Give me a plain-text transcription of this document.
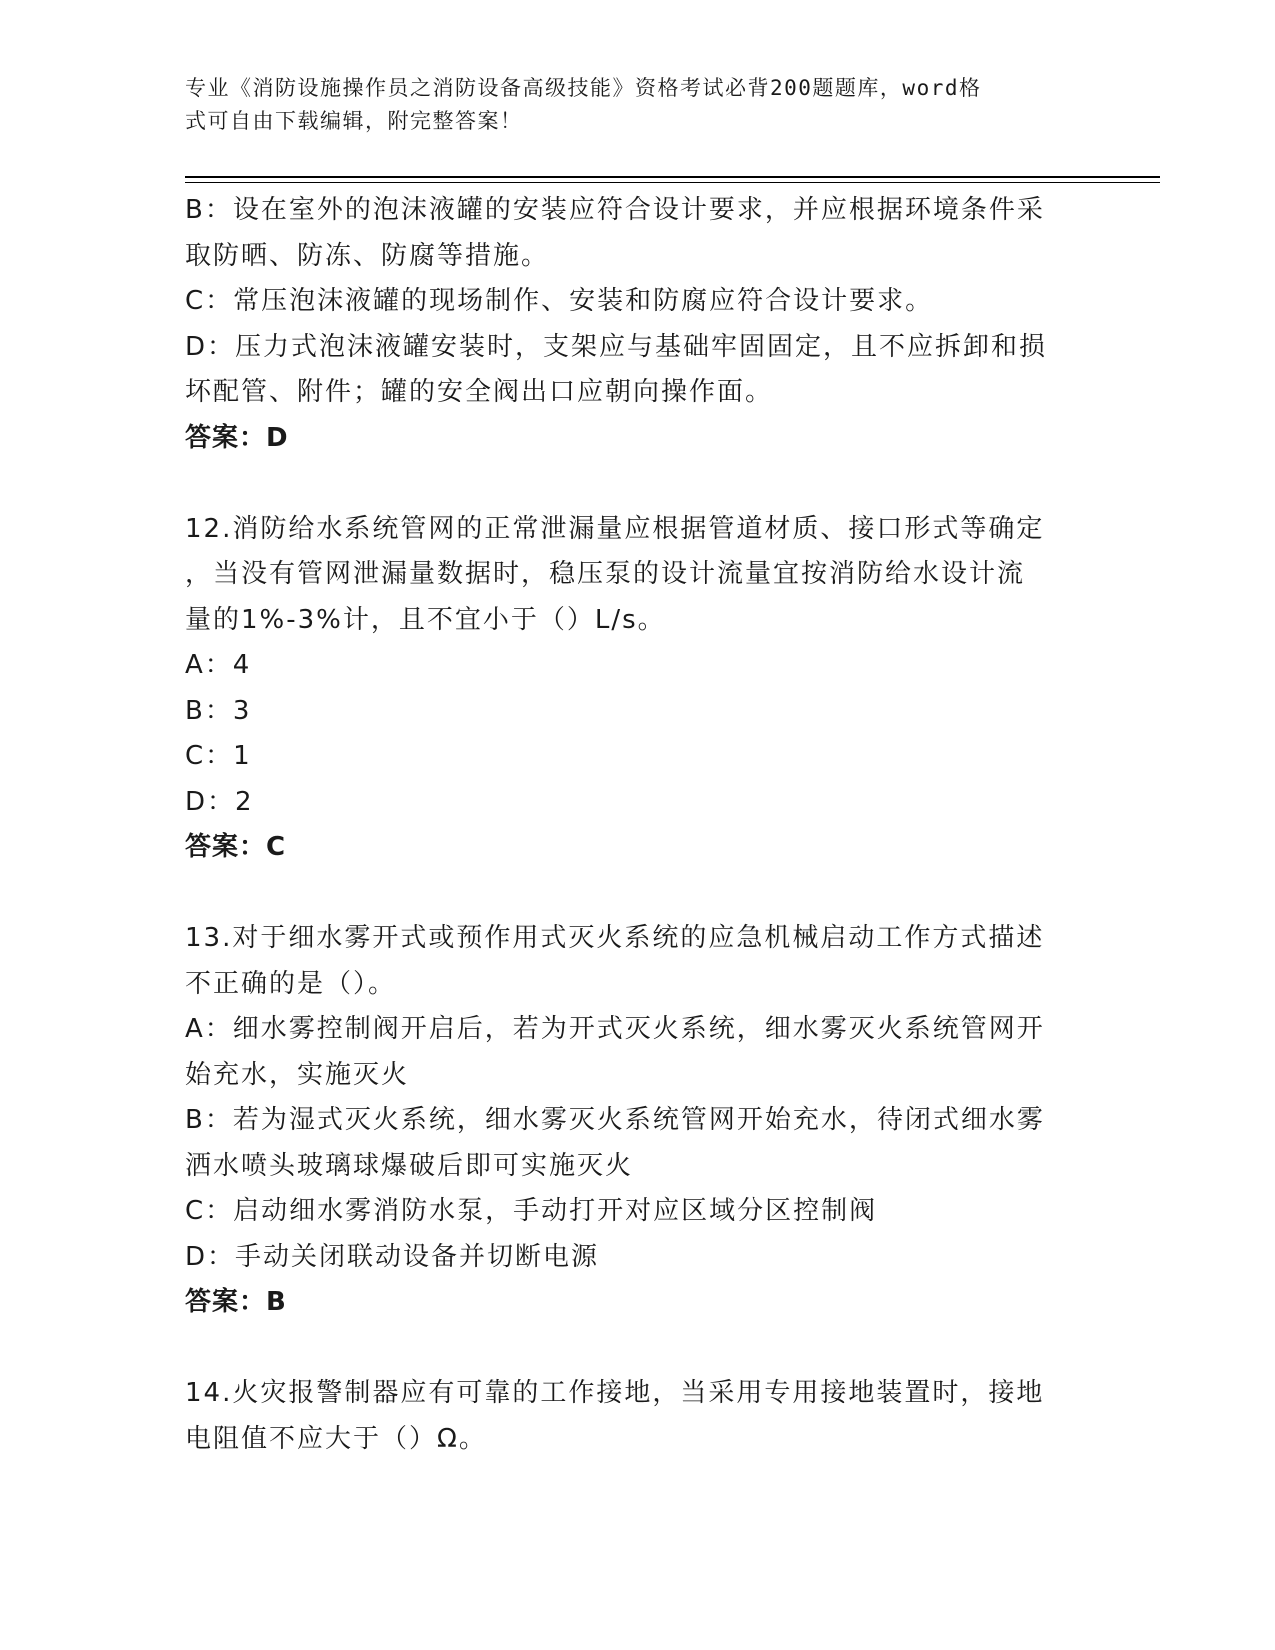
专业《消防设施操作员之消防设备高级技能》资格考试必背200题题库，word格
式可自由下载编辑，附完整答案！
B：设在室外的泡沫液罐的安装应符合设计要求，并应根据环境条件采
取防晒、防冻、防腐等措施。
C：常压泡沫液罐的现场制作、安装和防腐应符合设计要求。
D：压力式泡沫液罐安装时，支架应与基础牢固固定，且不应拆卸和损
坏配管、附件；罐的安全阀出口应朝向操作面。
答案：D
12.消防给水系统管网的正常泄漏量应根据管道材质、接口形式等确定
，当没有管网泄漏量数据时，稳压泵的设计流量宜按消防给水设计流
量的1%-3%计，且不宜小于（）L/s。
A：4
B：3
C：1
D：2
答案：C
13.对于细水雾开式或预作用式灭火系统的应急机械启动工作方式描述
不正确的是（）。
A：细水雾控制阀开启后，若为开式灭火系统，细水雾灭火系统管网开
始充水，实施灭火
B：若为湿式灭火系统，细水雾灭火系统管网开始充水，待闭式细水雾
洒水喷头玻璃球爆破后即可实施灭火
C：启动细水雾消防水泵，手动打开对应区域分区控制阀
D：手动关闭联动设备并切断电源
答案：B
14.火灾报警制器应有可靠的工作接地，当采用专用接地装置时，接地
电阻值不应大于（）Ω。
